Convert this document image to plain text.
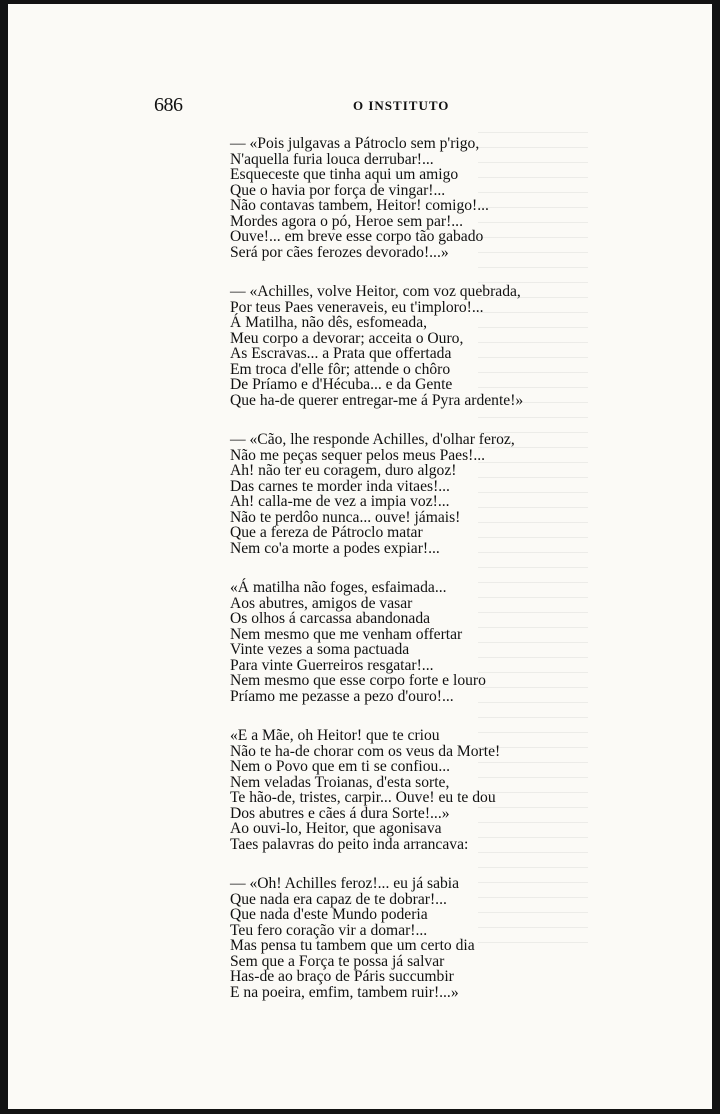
686	O INSTITUTO
— «Pois julgavas a Pátroclo sem p'rigo,
N'aquella furia louca derrubar!...
Esqueceste que tinha aqui um amigo
Que o havia por força de vingar!...
Não contavas tambem, Heitor! comigo!...
Mordes agora o pó, Heroe sem par!...
Ouve!... em breve esse corpo tão gabado
Será por cães ferozes devorado!...»
— «Achilles, volve Heitor, com voz quebrada,
Por teus Paes veneraveis, eu t'imploro!...
Á Matilha, não dês, esfomeada,
Meu corpo a devorar; acceita o Ouro,
As Escravas... a Prata que offertada
Em troca d'elle fôr; attende o chôro
De Príamo e d'Hécuba... e da Gente
Que ha-de querer entregar-me á Pyra ardente!»
— «Cão, lhe responde Achilles, d'olhar feroz,
Não me peças sequer pelos meus Paes!...
Ah! não ter eu coragem, duro algoz!
Das carnes te morder inda vitaes!...
Ah! calla-me de vez a impia voz!...
Não te perdôo nunca... ouve! jámais!
Que a fereza de Pátroclo matar
Nem co'a morte a podes expiar!...
«Á matilha não foges, esfaimada...
Aos abutres, amigos de vasar
Os olhos á carcassa abandonada
Nem mesmo que me venham offertar
Vinte vezes a soma pactuada
Para vinte Guerreiros resgatar!...
Nem mesmo que esse corpo forte e louro
Príamo me pezasse a pezo d'ouro!...
«E a Mãe, oh Heitor! que te criou
Não te ha-de chorar com os veus da Morte!
Nem o Povo que em ti se confiou...
Nem veladas Troianas, d'esta sorte,
Te hão-de, tristes, carpir... Ouve! eu te dou
Dos abutres e cães á dura Sorte!...»
Ao ouvi-lo, Heitor, que agonisava
Taes palavras do peito inda arrancava:
— «Oh! Achilles feroz!... eu já sabia
Que nada era capaz de te dobrar!...
Que nada d'este Mundo poderia
Teu fero coração vir a domar!...
Mas pensa tu tambem que um certo dia
Sem que a Força te possa já salvar
Has-de ao braço de Páris succumbir
E na poeira, emfim, tambem ruir!...»
